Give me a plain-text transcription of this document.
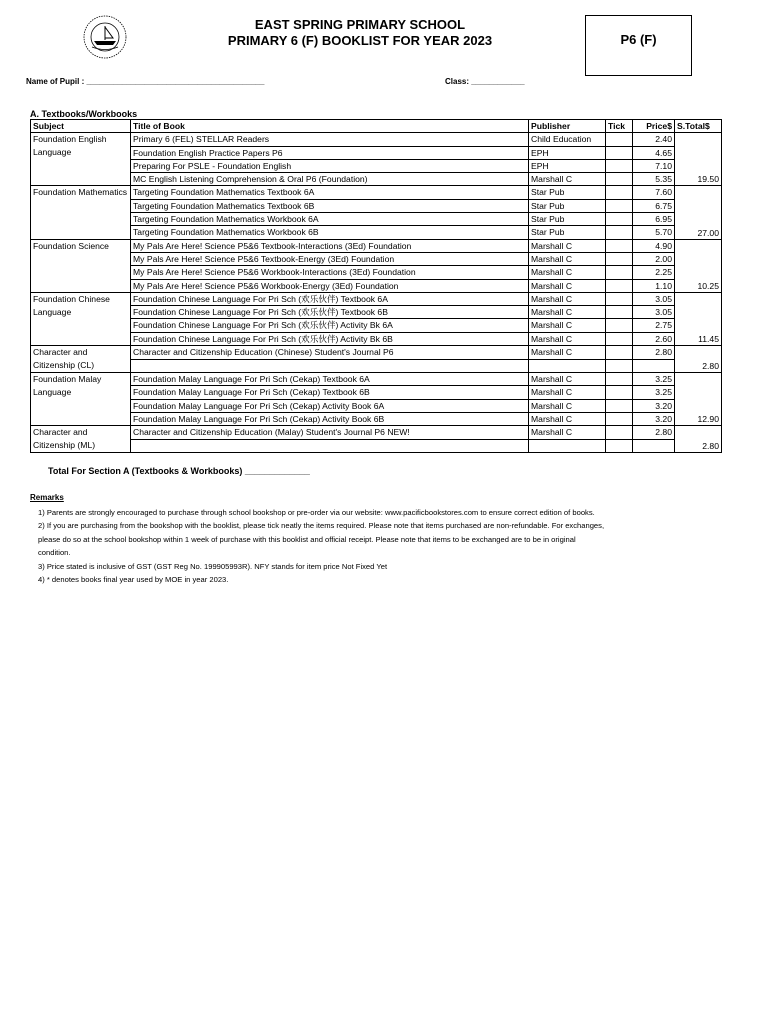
EAST SPRING PRIMARY SCHOOL
PRIMARY 6 (F) BOOKLIST FOR YEAR 2023	P6 (F)
Name of Pupil : ________________________________________	Class: ____________
A. Textbooks/Workbooks
Subject	Title of Book	Publisher	Tick	Price$	S.Total$
Foundation English Language	Primary 6 (FEL) STELLAR Readers	Child Education		2.40	19.50
	Foundation English Practice Papers P6	EPH		4.65	
	Preparing For PSLE - Foundation English	EPH		7.10	
	MC English Listening Comprehension & Oral P6 (Foundation)	Marshall C		5.35	
Foundation Mathematics	Targeting Foundation Mathematics Textbook 6A	Star Pub		7.60	27.00
	Targeting Foundation Mathematics Textbook 6B	Star Pub		6.75	
	Targeting Foundation Mathematics Workbook 6A	Star Pub		6.95	
	Targeting Foundation Mathematics Workbook 6B	Star Pub		5.70	
Foundation Science	My Pals Are Here! Science P5&6 Textbook-Interactions (3Ed) Foundation	Marshall C		4.90	10.25
	My Pals Are Here! Science P5&6 Textbook-Energy (3Ed) Foundation	Marshall C		2.00	
	My Pals Are Here! Science P5&6 Workbook-Interactions (3Ed) Foundation	Marshall C		2.25	
	My Pals Are Here! Science P5&6 Workbook-Energy (3Ed) Foundation	Marshall C		1.10	
Foundation Chinese Language	Foundation Chinese Language For Pri Sch (欢乐伙伴) Textbook 6A	Marshall C		3.05	11.45
	Foundation Chinese Language For Pri Sch (欢乐伙伴) Textbook 6B	Marshall C		3.05	
	Foundation Chinese Language For Pri Sch (欢乐伙伴) Activity Bk 6A	Marshall C		2.75	
	Foundation Chinese Language For Pri Sch (欢乐伙伴) Activity Bk 6B	Marshall C		2.60	
Character and Citizenship (CL)	Character and Citizenship Education (Chinese) Student's Journal P6	Marshall C		2.80	2.80

Foundation Malay Language	Foundation Malay Language For Pri Sch (Cekap) Textbook 6A	Marshall C		3.25	12.90
	Foundation Malay Language For Pri Sch (Cekap) Textbook 6B	Marshall C		3.25	
	Foundation Malay Language For Pri Sch (Cekap) Activity Book 6A	Marshall C		3.20	
	Foundation Malay Language For Pri Sch (Cekap) Activity Book 6B	Marshall C		3.20	
Character and Citizenship (ML)	Character and Citizenship Education (Malay) Student's Journal P6 NEW!	Marshall C		2.80	2.80

Total For Section A (Textbooks & Workbooks) _____________
Remarks
1) Parents are strongly encouraged to purchase through school bookshop or pre-order via our website: www.pacificbookstores.com to ensure correct edition of books.
2) If you are purchasing from the bookshop with the booklist, please tick neatly the items required. Please note that items purchased are non-refundable. For exchanges,
please do so at the school bookshop within 1 week of purchase with this booklist and official receipt. Please note that items to be exchanged are to be in original
condition.
3) Price stated is inclusive of GST (GST Reg No. 199905993R). NFY stands for item price Not Fixed Yet
4) * denotes books final year used by MOE in year 2023.
